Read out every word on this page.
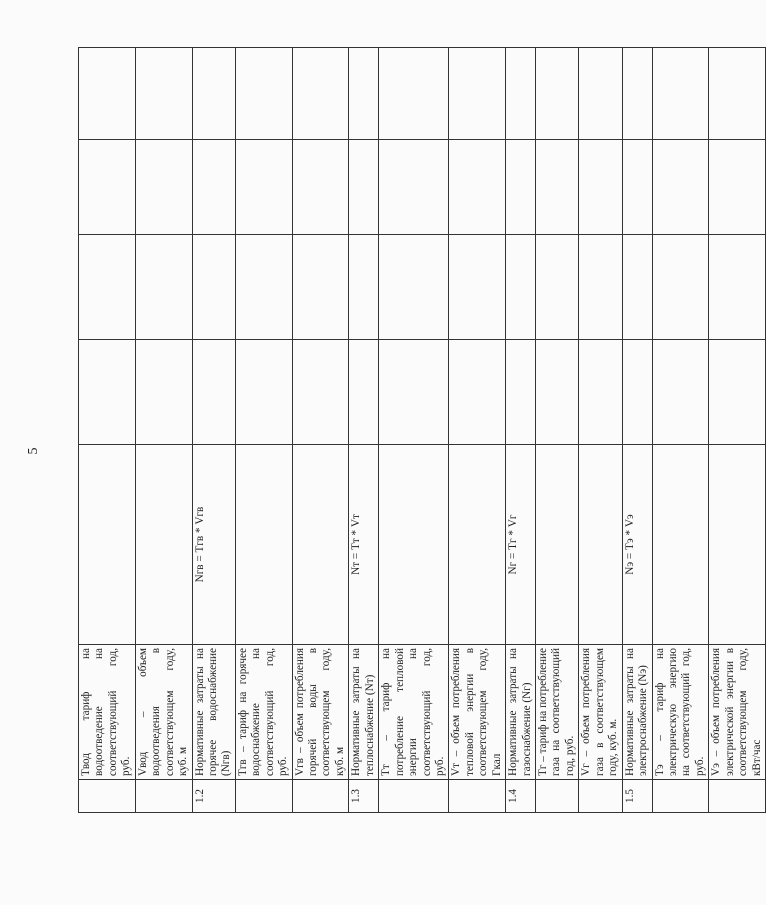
5
	Tвод тариф на водоотведение на соответствующий год, руб.					
	Vвод – объем водоотведения в соответствующем году, куб. м					
1.2	Нормативные затраты на горячее водоснабжение (Nгв)	Nгв = Tгв * Vгв				
	Tгв – тариф на горячее водоснабжение на соответствующий год, руб.					
	Vгв – объем потребления горячей воды в соответствующем году, куб. м					
1.3	Нормативные затраты на теплоснабжение (Nт)	Nт = Tт * Vт				
	Tт – тариф на потребление тепловой энергии на соответствующий год, руб.					
	Vт – объем потребления тепловой энергии в соответствующем году, Гкал					
1.4	Нормативные затраты на газоснабжение (Nг)	Nг = Tг * Vг				
	Tг – тариф на потребление газа на соответствующий год, руб.					
	Vг – объем потребления газа в соответствующем году, куб. м.					
1.5	Нормативные затраты на электроснабжение (Nэ)	Nэ = Tэ * Vэ				
	Tэ – тариф на электрическую энергию на соответствующий год, руб.					
	Vэ – объем потребления электрической энергии в соответствующем году, кВт/час					
